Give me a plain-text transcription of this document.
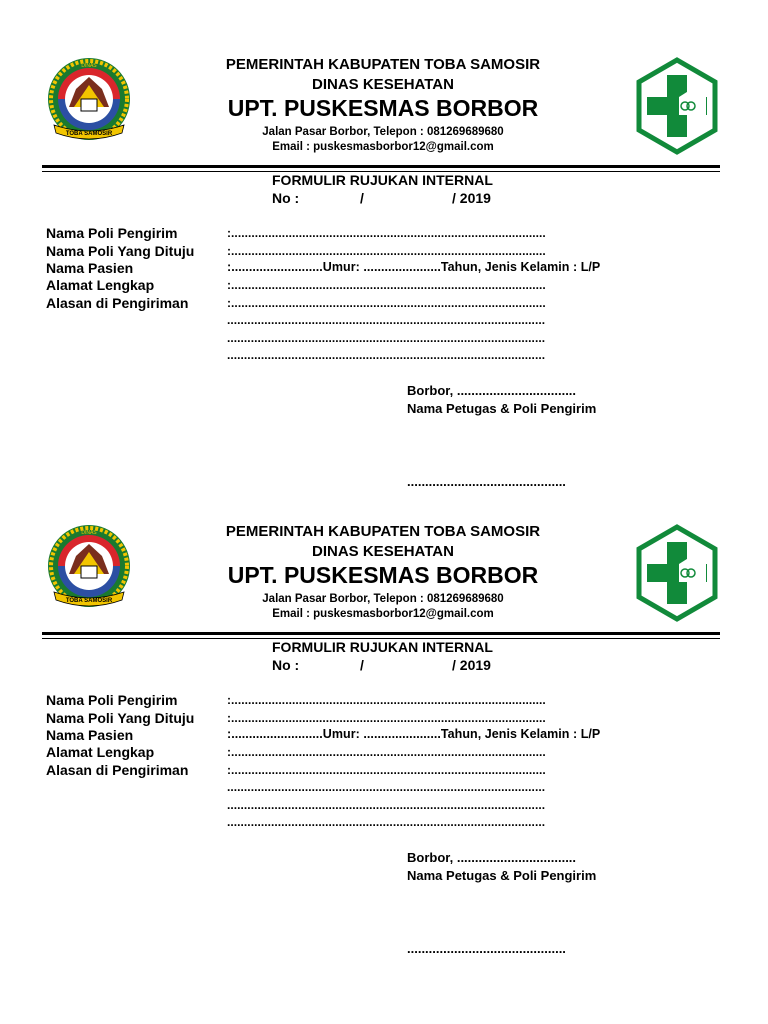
TOBA SAMOSIR
DINAS	PEMERINTAH KABUPATEN TOBA SAMOSIR
DINAS KESEHATAN
UPT. PUSKESMAS BORBOR
Jalan Pasar Borbor, Telepon : 081269689680
Email : puskesmasborbor12@gmail.com
FORMULIR RUJUKAN INTERNAL
No :	/	/ 2019
Nama Poli Pengirim	:.............................................................................................
Nama Poli Yang Dituju	:.............................................................................................
Nama Pasien	:..........................Umur: ......................Tahun, Jenis Kelamin : L/P
Alamat Lengkap	:.............................................................................................
Alasan di Pengiriman	:.............................................................................................
..............................................................................................
..............................................................................................
..............................................................................................
Borbor, .................................
Nama Petugas & Poli Pengirim
............................................
TOBA SAMOSIR
DINAS	PEMERINTAH KABUPATEN TOBA SAMOSIR
DINAS KESEHATAN
UPT. PUSKESMAS BORBOR
Jalan Pasar Borbor, Telepon : 081269689680
Email : puskesmasborbor12@gmail.com
FORMULIR RUJUKAN INTERNAL
No :	/	/ 2019
Nama Poli Pengirim	:.............................................................................................
Nama Poli Yang Dituju	:.............................................................................................
Nama Pasien	:..........................Umur: ......................Tahun, Jenis Kelamin : L/P
Alamat Lengkap	:.............................................................................................
Alasan di Pengiriman	:.............................................................................................
..............................................................................................
..............................................................................................
..............................................................................................
Borbor, .................................
Nama Petugas & Poli Pengirim
............................................
